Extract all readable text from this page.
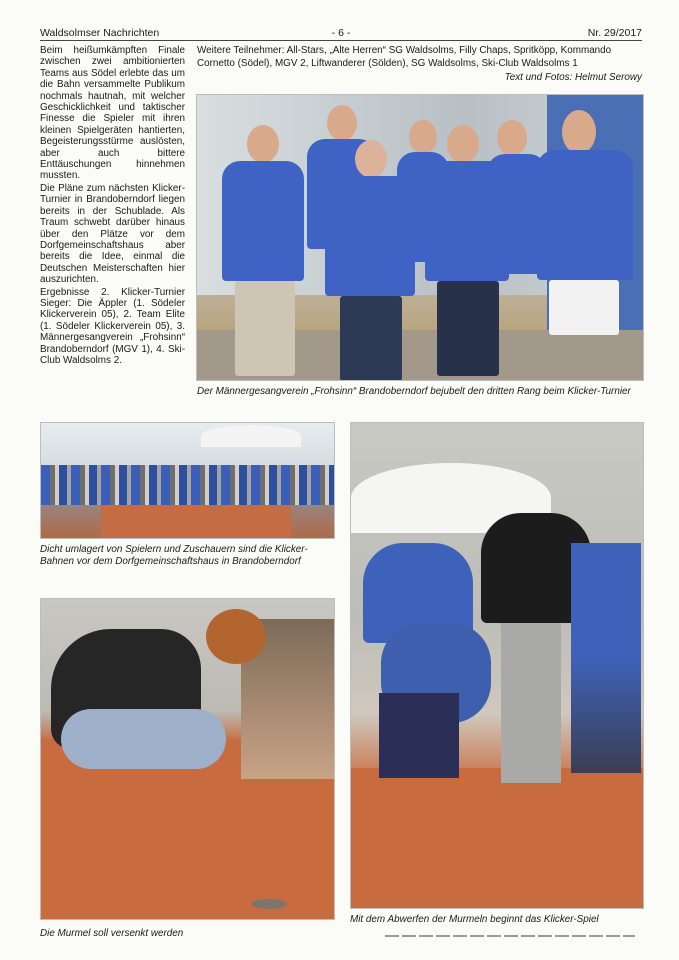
Waldsolmser Nachrichten	- 6 -	Nr. 29/2017

Beim heißumkämpften Finale zwischen zwei ambitionierten Teams aus Södel erlebte das um die Bahn versammelte Publikum nochmals hautnah, mit welcher Geschicklichkeit und taktischer Finesse die Spieler mit ihren kleinen Spielgeräten hantierten, Begeisterungsstürme auslösten, aber auch bittere Enttäuschungen hinnehmen mussten.

Die Pläne zum nächsten Klicker-Turnier in Brandoberndorf liegen bereits in der Schublade. Als Traum schwebt darüber hinaus über den Plätze vor dem Dorfgemeinschaftshaus aber bereits die Idee, einmal die Deutschen Meisterschaften hier auszurichten.

Ergebnisse 2. Klicker-Turnier Sieger: Die Äppler (1. Södeler Klickerverein 05), 2. Team Elite (1. Södeler Klickerverein 05), 3. Männergesangverein „Frohsinn“ Brandoberndorf (MGV 1), 4. Ski-Club Waldsolms 2.

Weitere Teilnehmer: All-Stars, „Alte Herren“ SG Waldsolms, Filly Chaps, Spritköpp, Kommando Cornetto (Södel), MGV 2, Liftwanderer (Sölden), SG Waldsolms, Ski-Club Waldsolms 1
Text und Fotos: Helmut Serowy
Der Männergesangverein „Frohsinn“ Brandoberndorf bejubelt den dritten Rang beim Klicker-Turnier
Dicht umlagert von Spielern und Zuschauern sind die Klicker-Bahnen vor dem Dorfgemeinschaftshaus in Brandoberndorf
Die Murmel soll versenkt werden
Mit dem Abwerfen der Murmeln beginnt das Klicker-Spiel
